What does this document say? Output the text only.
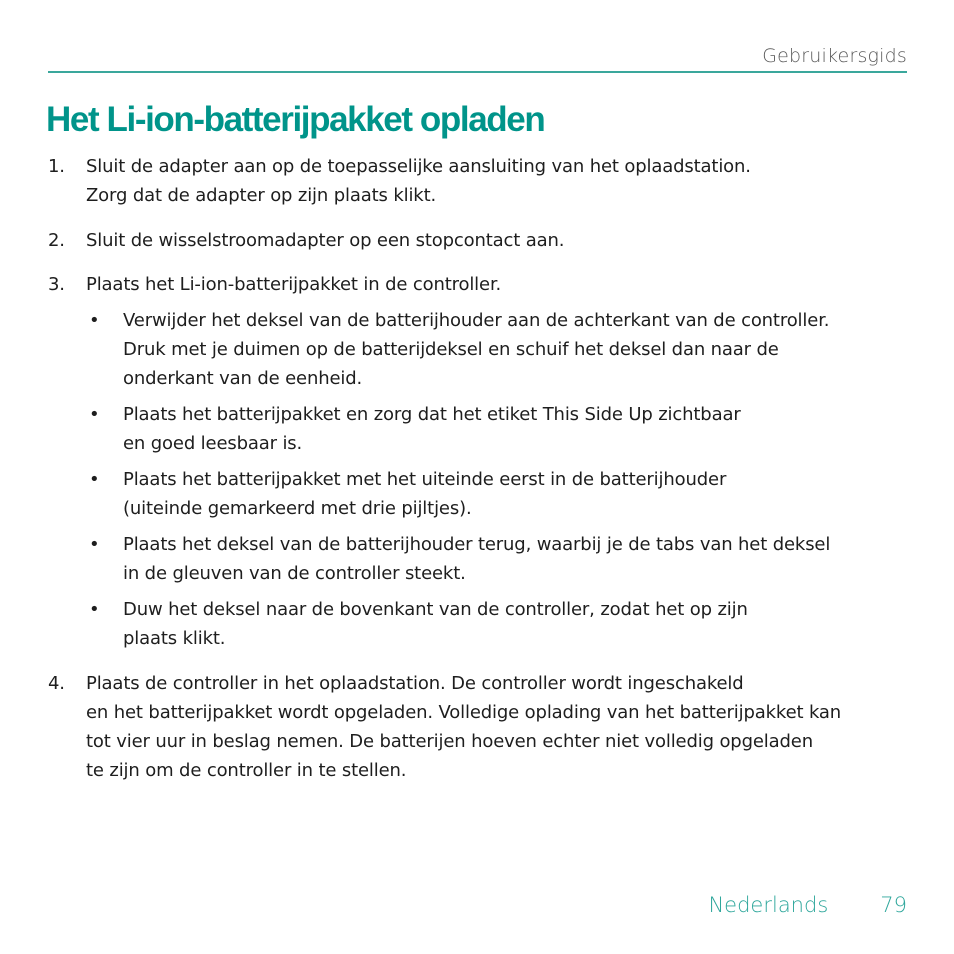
Gebruikersgids
Het Li-ion-batterijpakket opladen
1. Sluit de adapter aan op de toepasselijke aansluiting van het oplaadstation.
Zorg dat de adapter op zijn plaats klikt.
2. Sluit de wisselstroomadapter op een stopcontact aan.
3. Plaats het Li-ion-batterijpakket in de controller.
• Verwijder het deksel van de batterijhouder aan de achterkant van de controller.
Druk met je duimen op de batterijdeksel en schuif het deksel dan naar de
onderkant van de eenheid.
• Plaats het batterijpakket en zorg dat het etiket This Side Up zichtbaar
en goed leesbaar is.
• Plaats het batterijpakket met het uiteinde eerst in de batterijhouder
(uiteinde gemarkeerd met drie pijltjes).
• Plaats het deksel van de batterijhouder terug, waarbij je de tabs van het deksel
in de gleuven van de controller steekt.
• Duw het deksel naar de bovenkant van de controller, zodat het op zijn
plaats klikt.
4. Plaats de controller in het oplaadstation. De controller wordt ingeschakeld
en het batterijpakket wordt opgeladen. Volledige oplading van het batterijpakket kan
tot vier uur in beslag nemen. De batterijen hoeven echter niet volledig opgeladen
te zijn om de controller in te stellen.
Nederlands 79
